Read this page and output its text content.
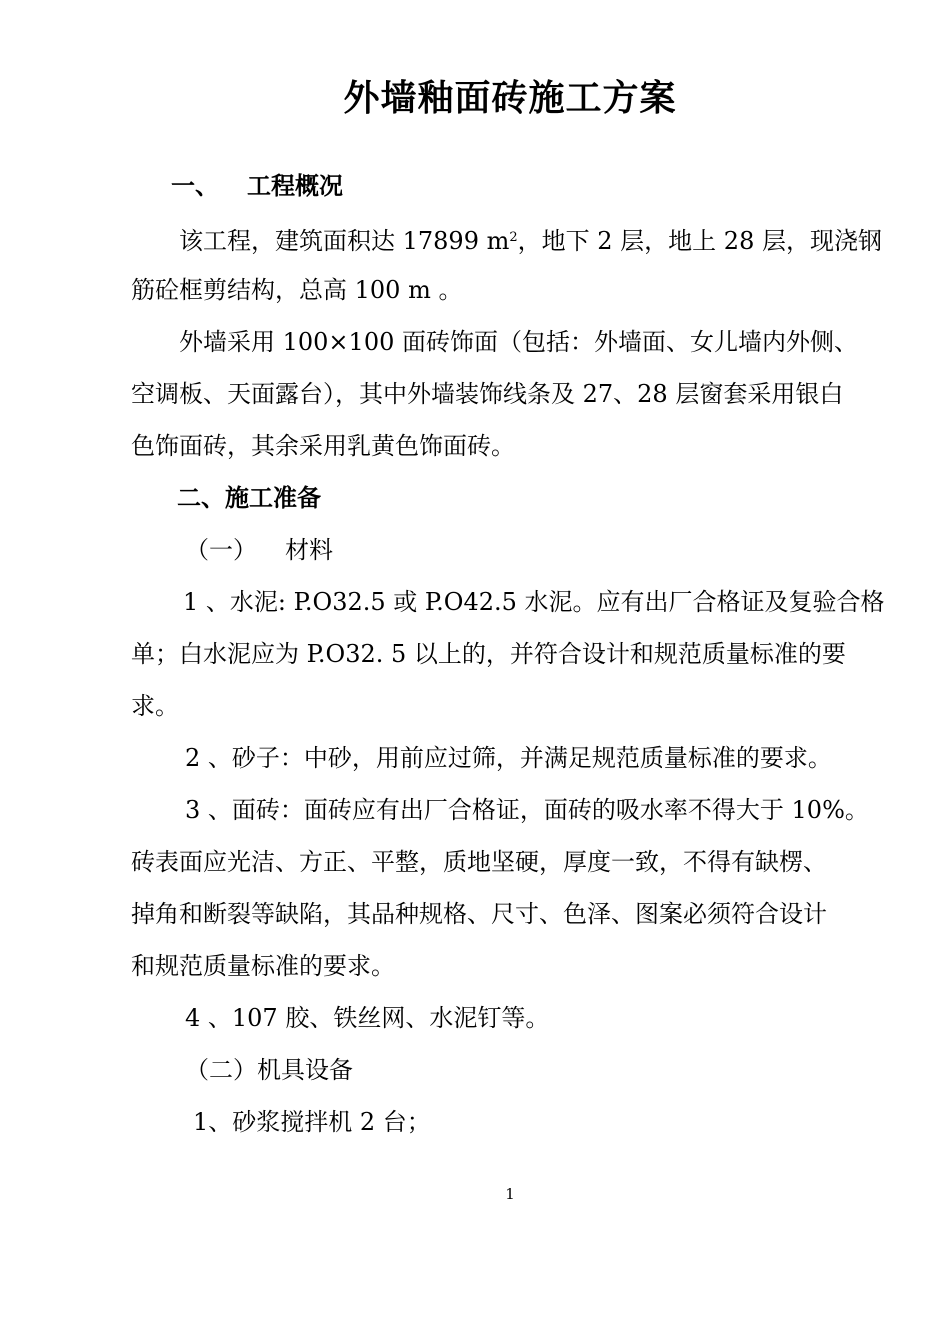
外墙釉面砖施工方案
一、 工程概况
该工程，建筑面积达 17899 $m^2$，地下 2 层，地上 28 层，现浇钢
筋砼框剪结构，总高 100 m 。
外墙采用 100×100 面砖饰面（包括：外墙面、女儿墙内外侧、
空调板、天面露台），其中外墙装饰线条及 27、28 层窗套采用银白
色饰面砖，其余采用乳黄色饰面砖。
二、施工准备
（一） 材料
1 、水泥: P.O32.5 或 P.O42.5 水泥。应有出厂合格证及复验合格
单；白水泥应为 P.O32. 5 以上的，并符合设计和规范质量标准的要
求。
2 、砂子：中砂，用前应过筛，并满足规范质量标准的要求。
3 、面砖：面砖应有出厂合格证，面砖的吸水率不得大于 10%。
砖表面应光洁、方正、平整，质地坚硬，厚度一致，不得有缺楞、
掉角和断裂等缺陷，其品种规格、尺寸、色泽、图案必须符合设计
和规范质量标准的要求。
4 、107 胶、铁丝网、水泥钉等。
（二）机具设备
1、砂浆搅拌机 2 台；
1
